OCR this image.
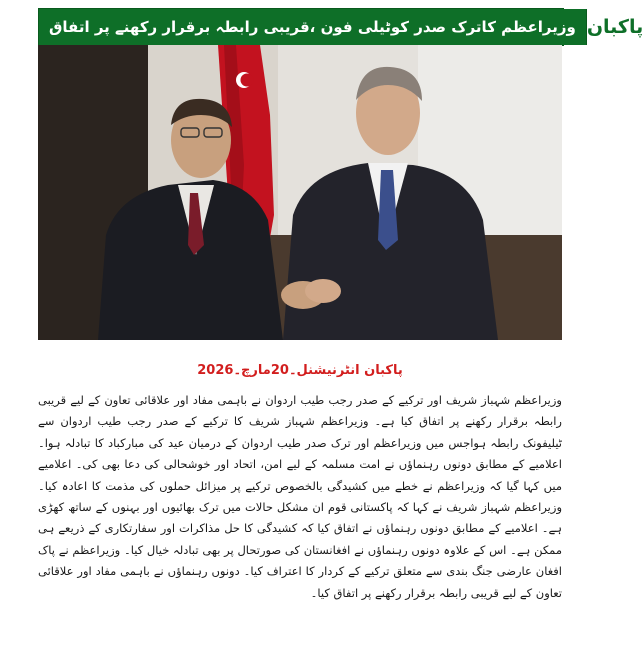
وزیراعظم کاترک صدر کوٹیلی فون ،قریبی رابطہ برقرار رکھنے پر اتفاق پاکبان
پاکبان انٹرنیشنل۔20مارچ۔2026
وزیراعظم شہباز شریف اور ترکیے کے صدر رجب طیب اردوان نے باہمی مفاد اور علاقائی تعاون کے لیے قریبی رابطہ برقرار رکھنے پر اتفاق کیا ہے۔ وزیراعظم شہباز شریف کا ترکیے کے صدر رجب طیب اردوان سے ٹیلیفونک رابطہ ہواجس میں وزیراعظم اور ترک صدر طیب اردوان کے درمیان عید کی مبارکباد کا تبادلہ ہوا۔ اعلامیے کے مطابق دونوں رہنماؤں نے امت مسلمہ کے لیے امن، اتحاد اور خوشحالی کی دعا بھی کی۔ اعلامیے میں کہا گیا کہ وزیراعظم نے خطے میں کشیدگی بالخصوص ترکیے پر میزائل حملوں کی مذمت کا اعادہ کیا۔ وزیراعظم شہباز شریف نے کہا کہ پاکستانی قوم ان مشکل حالات میں ترک بھائیوں اور بہنوں کے ساتھ کھڑی ہے۔ اعلامیے کے مطابق دونوں رہنماؤں نے اتفاق کیا کہ کشیدگی کا حل مذاکرات اور سفارتکاری کے ذریعے ہی ممکن ہے۔ اس کے علاوہ دونوں رہنماؤں نے افغانستان کی صورتحال پر بھی تبادلہ خیال کیا۔ وزیراعظم نے پاک افغان عارضی جنگ بندی سے متعلق ترکیے کے کردار کا اعتراف کیا۔ دونوں رہنماؤں نے باہمی مفاد اور علاقائی تعاون کے لیے قریبی رابطہ برقرار رکھنے پر اتفاق کیا۔
